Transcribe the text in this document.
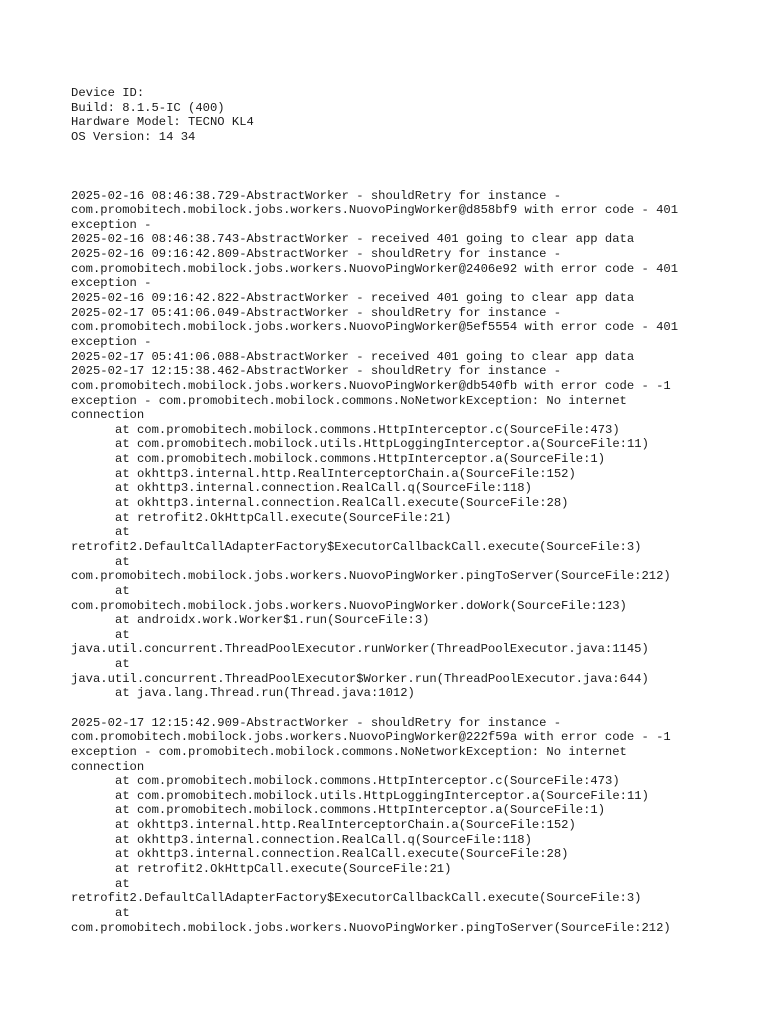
Device ID:
Build: 8.1.5-IC (400)
Hardware Model: TECNO KL4
OS Version: 14 34
2025-02-16 08:46:38.729-AbstractWorker - shouldRetry for instance -
com.promobitech.mobilock.jobs.workers.NuovoPingWorker@d858bf9 with error code - 401
exception -
2025-02-16 08:46:38.743-AbstractWorker - received 401 going to clear app data
2025-02-16 09:16:42.809-AbstractWorker - shouldRetry for instance -
com.promobitech.mobilock.jobs.workers.NuovoPingWorker@2406e92 with error code - 401
exception -
2025-02-16 09:16:42.822-AbstractWorker - received 401 going to clear app data
2025-02-17 05:41:06.049-AbstractWorker - shouldRetry for instance -
com.promobitech.mobilock.jobs.workers.NuovoPingWorker@5ef5554 with error code - 401
exception -
2025-02-17 05:41:06.088-AbstractWorker - received 401 going to clear app data
2025-02-17 12:15:38.462-AbstractWorker - shouldRetry for instance -
com.promobitech.mobilock.jobs.workers.NuovoPingWorker@db540fb with error code - -1
exception - com.promobitech.mobilock.commons.NoNetworkException: No internet
connection
at com.promobitech.mobilock.commons.HttpInterceptor.c(SourceFile:473)
at com.promobitech.mobilock.utils.HttpLoggingInterceptor.a(SourceFile:11)
at com.promobitech.mobilock.commons.HttpInterceptor.a(SourceFile:1)
at okhttp3.internal.http.RealInterceptorChain.a(SourceFile:152)
at okhttp3.internal.connection.RealCall.q(SourceFile:118)
at okhttp3.internal.connection.RealCall.execute(SourceFile:28)
at retrofit2.OkHttpCall.execute(SourceFile:21)
at
retrofit2.DefaultCallAdapterFactory$ExecutorCallbackCall.execute(SourceFile:3)
at
com.promobitech.mobilock.jobs.workers.NuovoPingWorker.pingToServer(SourceFile:212)
at
com.promobitech.mobilock.jobs.workers.NuovoPingWorker.doWork(SourceFile:123)
at androidx.work.Worker$1.run(SourceFile:3)
at
java.util.concurrent.ThreadPoolExecutor.runWorker(ThreadPoolExecutor.java:1145)
at
java.util.concurrent.ThreadPoolExecutor$Worker.run(ThreadPoolExecutor.java:644)
at java.lang.Thread.run(Thread.java:1012)
2025-02-17 12:15:42.909-AbstractWorker - shouldRetry for instance -
com.promobitech.mobilock.jobs.workers.NuovoPingWorker@222f59a with error code - -1
exception - com.promobitech.mobilock.commons.NoNetworkException: No internet
connection
at com.promobitech.mobilock.commons.HttpInterceptor.c(SourceFile:473)
at com.promobitech.mobilock.utils.HttpLoggingInterceptor.a(SourceFile:11)
at com.promobitech.mobilock.commons.HttpInterceptor.a(SourceFile:1)
at okhttp3.internal.http.RealInterceptorChain.a(SourceFile:152)
at okhttp3.internal.connection.RealCall.q(SourceFile:118)
at okhttp3.internal.connection.RealCall.execute(SourceFile:28)
at retrofit2.OkHttpCall.execute(SourceFile:21)
at
retrofit2.DefaultCallAdapterFactory$ExecutorCallbackCall.execute(SourceFile:3)
at
com.promobitech.mobilock.jobs.workers.NuovoPingWorker.pingToServer(SourceFile:212)
